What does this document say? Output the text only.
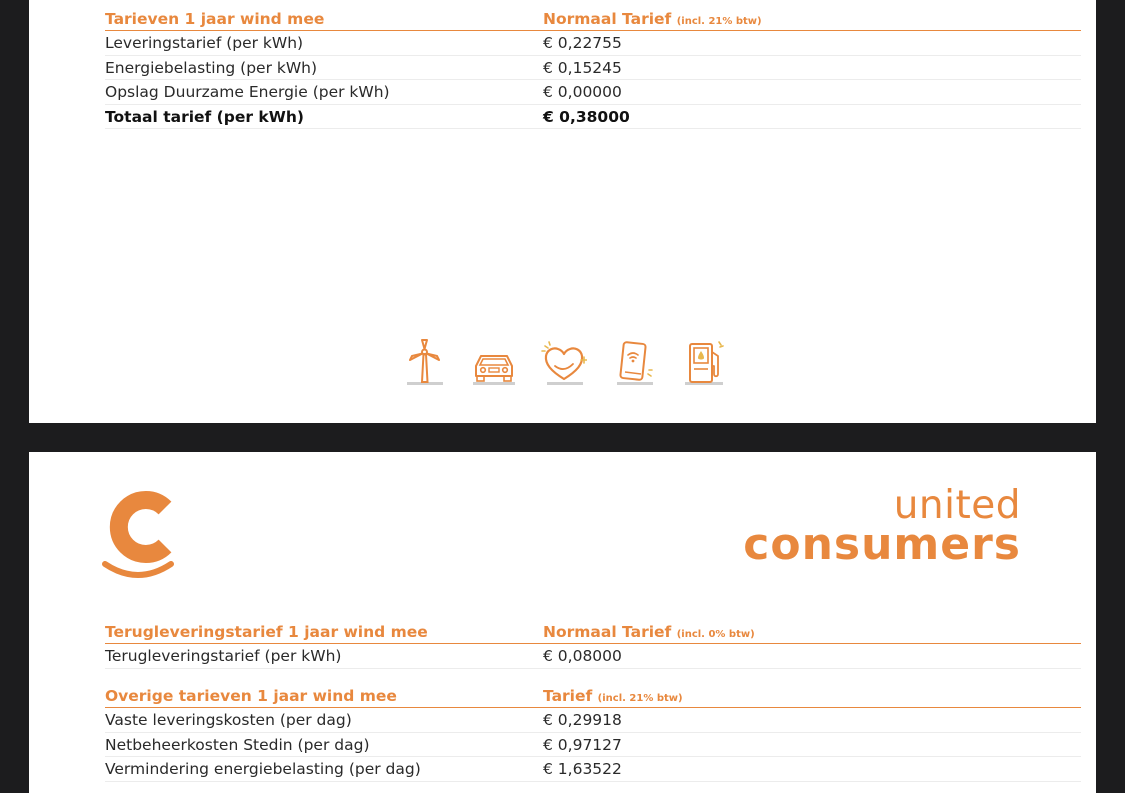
Tarieven 1 jaar wind mee	Normaal Tarief (incl. 21% btw)
Leveringstarief (per kWh)	€ 0,22755
Energiebelasting (per kWh)	€ 0,15245
Opslag Duurzame Energie (per kWh)	€ 0,00000
Totaal tarief (per kWh)	€ 0,38000
united
consumers
Terugleveringstarief 1 jaar wind mee	Normaal Tarief (incl. 0% btw)
Terugleveringstarief (per kWh)	€ 0,08000
Overige tarieven 1 jaar wind mee	Tarief (incl. 21% btw)
Vaste leveringskosten (per dag)	€ 0,29918
Netbeheerkosten Stedin (per dag)	€ 0,97127
Vermindering energiebelasting (per dag)	€ 1,63522
